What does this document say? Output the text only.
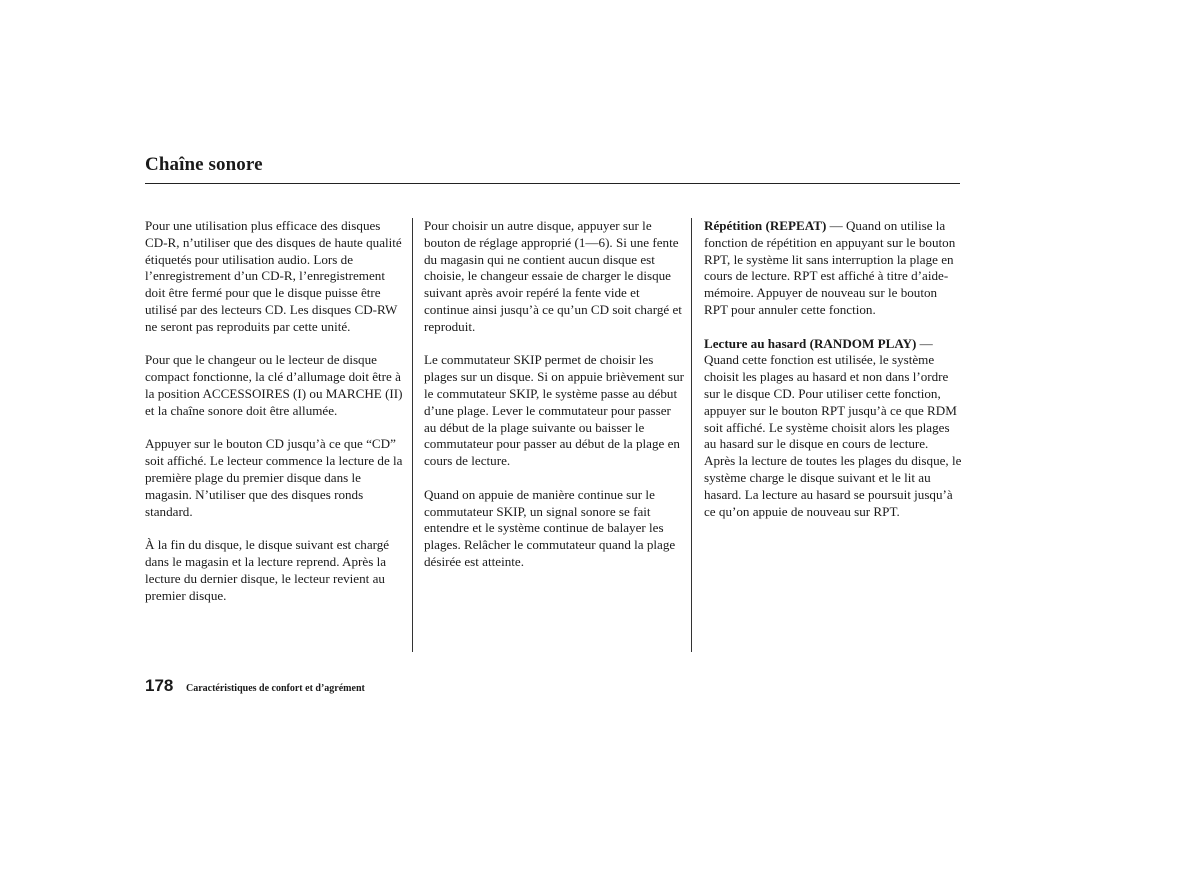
Chaîne sonore

Pour une utilisation plus efficace des disques CD-R, n’utiliser que des disques de haute qualité étiquetés pour utilisation audio. Lors de l’enregistrement d’un CD-R, l’enregistrement doit être fermé pour que le disque puisse être utilisé par des lecteurs CD. Les disques CD-RW ne seront pas reproduits par cette unité.

Pour que le changeur ou le lecteur de disque compact fonctionne, la clé d’allumage doit être à la position ACCESSOIRES (I) ou MARCHE (II) et la chaîne sonore doit être allumée.

Appuyer sur le bouton CD jusqu’à ce que “CD” soit affiché. Le lecteur commence la lecture de la première plage du premier disque dans le magasin. N’utiliser que des disques ronds standard.

À la fin du disque, le disque suivant est chargé dans le magasin et la lecture reprend. Après la lecture du dernier disque, le lecteur revient au premier disque.

Pour choisir un autre disque, appuyer sur le bouton de réglage approprié (1—6). Si une fente du magasin qui ne contient aucun disque est choisie, le changeur essaie de charger le disque suivant après avoir repéré la fente vide et continue ainsi jusqu’à ce qu’un CD soit chargé et reproduit.

Le commutateur SKIP permet de choisir les plages sur un disque. Si on appuie brièvement sur le commutateur SKIP, le système passe au début d’une plage. Lever le commutateur pour passer au début de la plage suivante ou baisser le commutateur pour passer au début de la plage en cours de lecture.

Quand on appuie de manière continue sur le commutateur SKIP, un signal sonore se fait entendre et le système continue de balayer les plages. Relâcher le commutateur quand la plage désirée est atteinte.

Répétition (REPEAT) — Quand on utilise la fonction de répétition en appuyant sur le bouton RPT, le système lit sans interruption la plage en cours de lecture. RPT est affiché à titre d’aide-mémoire. Appuyer de nouveau sur le bouton RPT pour annuler cette fonction.

Lecture au hasard (RANDOM PLAY) — Quand cette fonction est utilisée, le système choisit les plages au hasard et non dans l’ordre sur le disque CD. Pour utiliser cette fonction, appuyer sur le bouton RPT jusqu’à ce que RDM soit affiché. Le système choisit alors les plages au hasard sur le disque en cours de lecture. Après la lecture de toutes les plages du disque, le système charge le disque suivant et le lit au hasard. La lecture au hasard se poursuit jusqu’à ce qu’on appuie de nouveau sur RPT.

178 Caractéristiques de confort et d’agrément
